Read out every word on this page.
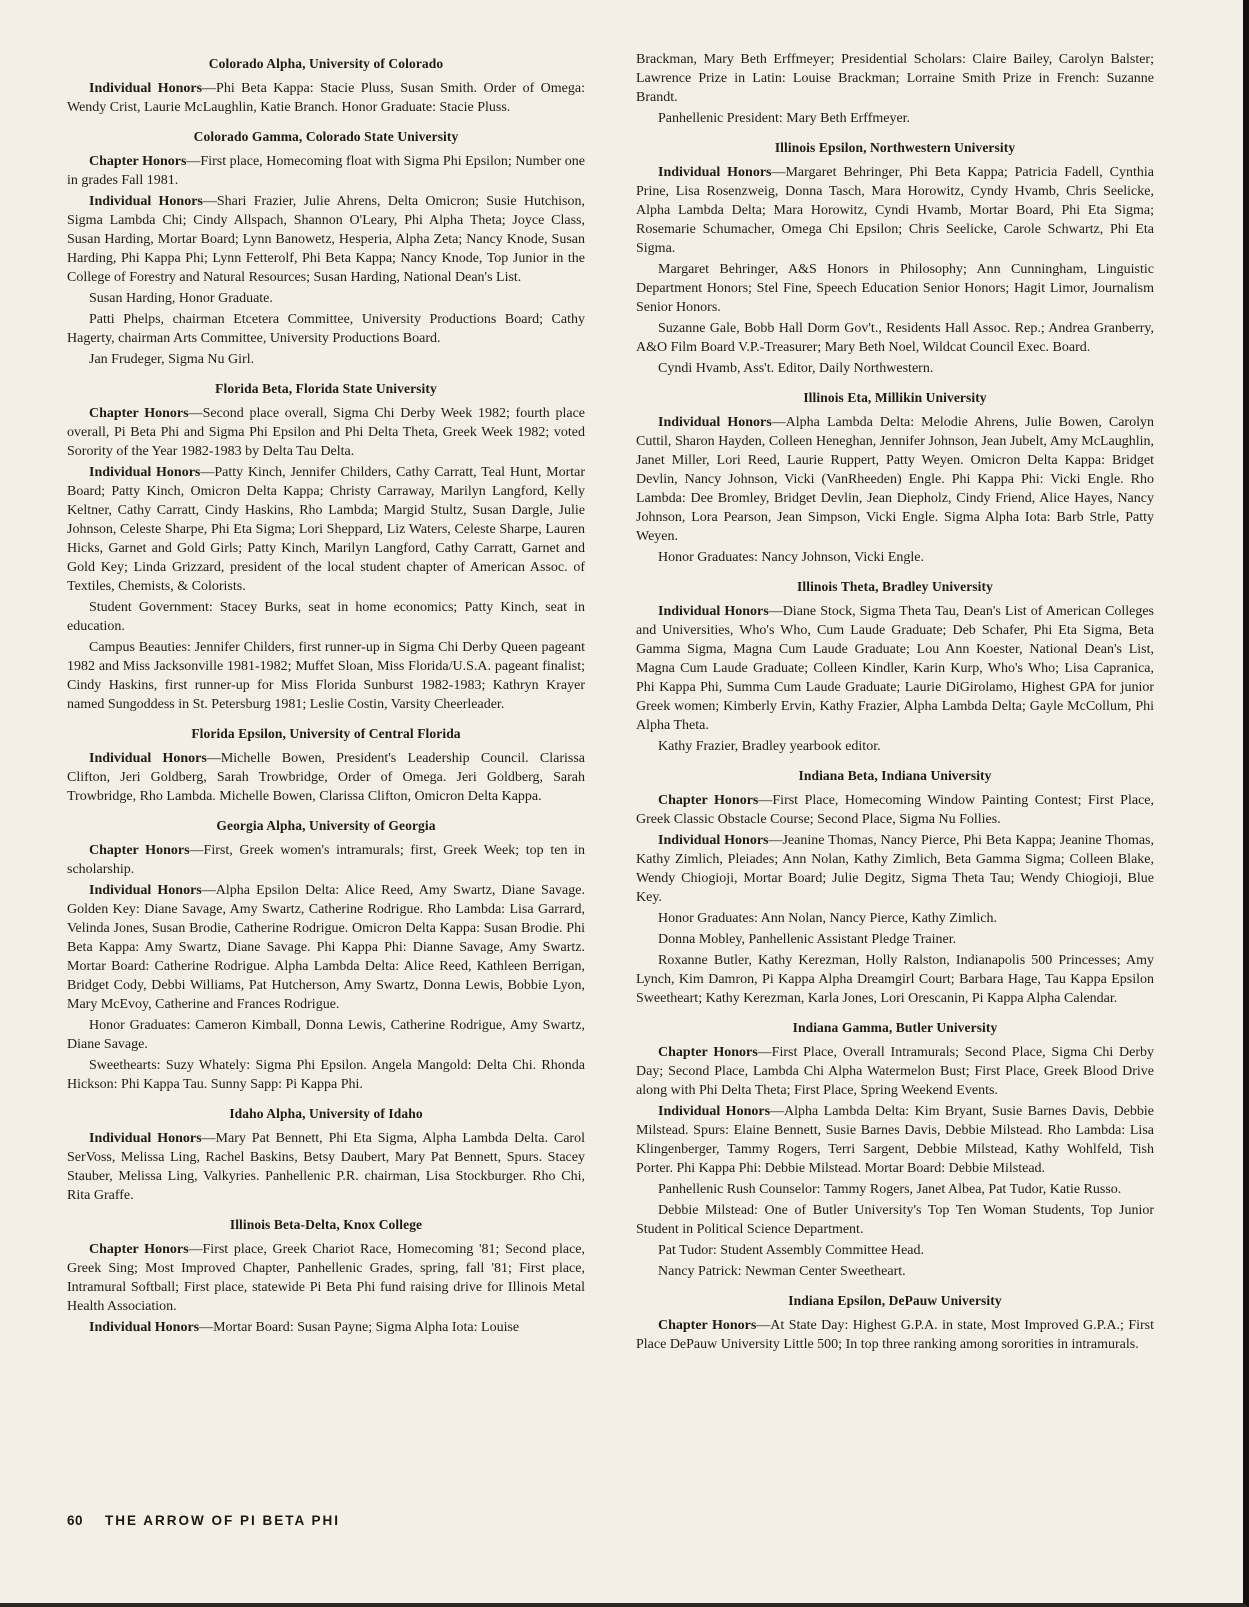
Colorado Alpha, University of Colorado

Individual Honors—Phi Beta Kappa: Stacie Pluss, Susan Smith. Order of Omega: Wendy Crist, Laurie McLaughlin, Katie Branch. Honor Graduate: Stacie Pluss.

Colorado Gamma, Colorado State University

Chapter Honors—First place, Homecoming float with Sigma Phi Epsilon; Number one in grades Fall 1981.

Individual Honors—Shari Frazier, Julie Ahrens, Delta Omicron; Susie Hutchison, Sigma Lambda Chi; Cindy Allspach, Shannon O'Leary, Phi Alpha Theta; Joyce Class, Susan Harding, Mortar Board; Lynn Banowetz, Hesperia, Alpha Zeta; Nancy Knode, Susan Harding, Phi Kappa Phi; Lynn Fetterolf, Phi Beta Kappa; Nancy Knode, Top Junior in the College of Forestry and Natural Resources; Susan Harding, National Dean's List.

Susan Harding, Honor Graduate.

Patti Phelps, chairman Etcetera Committee, University Productions Board; Cathy Hagerty, chairman Arts Committee, University Productions Board.

Jan Frudeger, Sigma Nu Girl.

Florida Beta, Florida State University

Chapter Honors—Second place overall, Sigma Chi Derby Week 1982; fourth place overall, Pi Beta Phi and Sigma Phi Epsilon and Phi Delta Theta, Greek Week 1982; voted Sorority of the Year 1982-1983 by Delta Tau Delta.

Individual Honors—Patty Kinch, Jennifer Childers, Cathy Carratt, Teal Hunt, Mortar Board; Patty Kinch, Omicron Delta Kappa; Christy Carraway, Marilyn Langford, Kelly Keltner, Cathy Carratt, Cindy Haskins, Rho Lambda; Margid Stultz, Susan Dargle, Julie Johnson, Celeste Sharpe, Phi Eta Sigma; Lori Sheppard, Liz Waters, Celeste Sharpe, Lauren Hicks, Garnet and Gold Girls; Patty Kinch, Marilyn Langford, Cathy Carratt, Garnet and Gold Key; Linda Grizzard, president of the local student chapter of American Assoc. of Textiles, Chemists, & Colorists.

Student Government: Stacey Burks, seat in home economics; Patty Kinch, seat in education.

Campus Beauties: Jennifer Childers, first runner-up in Sigma Chi Derby Queen pageant 1982 and Miss Jacksonville 1981-1982; Muffet Sloan, Miss Florida/U.S.A. pageant finalist; Cindy Haskins, first runner-up for Miss Florida Sunburst 1982-1983; Kathryn Krayer named Sungoddess in St. Petersburg 1981; Leslie Costin, Varsity Cheerleader.

Florida Epsilon, University of Central Florida

Individual Honors—Michelle Bowen, President's Leadership Council. Clarissa Clifton, Jeri Goldberg, Sarah Trowbridge, Order of Omega. Jeri Goldberg, Sarah Trowbridge, Rho Lambda. Michelle Bowen, Clarissa Clifton, Omicron Delta Kappa.

Georgia Alpha, University of Georgia

Chapter Honors—First, Greek women's intramurals; first, Greek Week; top ten in scholarship.

Individual Honors—Alpha Epsilon Delta: Alice Reed, Amy Swartz, Diane Savage. Golden Key: Diane Savage, Amy Swartz, Catherine Rodrigue. Rho Lambda: Lisa Garrard, Velinda Jones, Susan Brodie, Catherine Rodrigue. Omicron Delta Kappa: Susan Brodie. Phi Beta Kappa: Amy Swartz, Diane Savage. Phi Kappa Phi: Dianne Savage, Amy Swartz. Mortar Board: Catherine Rodrigue. Alpha Lambda Delta: Alice Reed, Kathleen Berrigan, Bridget Cody, Debbi Williams, Pat Hutcherson, Amy Swartz, Donna Lewis, Bobbie Lyon, Mary McEvoy, Catherine and Frances Rodrigue.

Honor Graduates: Cameron Kimball, Donna Lewis, Catherine Rodrigue, Amy Swartz, Diane Savage.

Sweethearts: Suzy Whately: Sigma Phi Epsilon. Angela Mangold: Delta Chi. Rhonda Hickson: Phi Kappa Tau. Sunny Sapp: Pi Kappa Phi.

Idaho Alpha, University of Idaho

Individual Honors—Mary Pat Bennett, Phi Eta Sigma, Alpha Lambda Delta. Carol SerVoss, Melissa Ling, Rachel Baskins, Betsy Daubert, Mary Pat Bennett, Spurs. Stacey Stauber, Melissa Ling, Valkyries. Panhellenic P.R. chairman, Lisa Stockburger. Rho Chi, Rita Graffe.

Illinois Beta-Delta, Knox College

Chapter Honors—First place, Greek Chariot Race, Homecoming '81; Second place, Greek Sing; Most Improved Chapter, Panhellenic Grades, spring, fall '81; First place, Intramural Softball; First place, statewide Pi Beta Phi fund raising drive for Illinois Metal Health Association.

Individual Honors—Mortar Board: Susan Payne; Sigma Alpha Iota: Louise

Brackman, Mary Beth Erffmeyer; Presidential Scholars: Claire Bailey, Carolyn Balster; Lawrence Prize in Latin: Louise Brackman; Lorraine Smith Prize in French: Suzanne Brandt.

Panhellenic President: Mary Beth Erffmeyer.

Illinois Epsilon, Northwestern University

Individual Honors—Margaret Behringer, Phi Beta Kappa; Patricia Fadell, Cynthia Prine, Lisa Rosenzweig, Donna Tasch, Mara Horowitz, Cyndy Hvamb, Chris Seelicke, Alpha Lambda Delta; Mara Horowitz, Cyndi Hvamb, Mortar Board, Phi Eta Sigma; Rosemarie Schumacher, Omega Chi Epsilon; Chris Seelicke, Carole Schwartz, Phi Eta Sigma.

Margaret Behringer, A&S Honors in Philosophy; Ann Cunningham, Linguistic Department Honors; Stel Fine, Speech Education Senior Honors; Hagit Limor, Journalism Senior Honors.

Suzanne Gale, Bobb Hall Dorm Gov't., Residents Hall Assoc. Rep.; Andrea Granberry, A&O Film Board V.P.-Treasurer; Mary Beth Noel, Wildcat Council Exec. Board.

Cyndi Hvamb, Ass't. Editor, Daily Northwestern.

Illinois Eta, Millikin University

Individual Honors—Alpha Lambda Delta: Melodie Ahrens, Julie Bowen, Carolyn Cuttil, Sharon Hayden, Colleen Heneghan, Jennifer Johnson, Jean Jubelt, Amy McLaughlin, Janet Miller, Lori Reed, Laurie Ruppert, Patty Weyen. Omicron Delta Kappa: Bridget Devlin, Nancy Johnson, Vicki (VanRheeden) Engle. Phi Kappa Phi: Vicki Engle. Rho Lambda: Dee Bromley, Bridget Devlin, Jean Diepholz, Cindy Friend, Alice Hayes, Nancy Johnson, Lora Pearson, Jean Simpson, Vicki Engle. Sigma Alpha Iota: Barb Strle, Patty Weyen.

Honor Graduates: Nancy Johnson, Vicki Engle.

Illinois Theta, Bradley University

Individual Honors—Diane Stock, Sigma Theta Tau, Dean's List of American Colleges and Universities, Who's Who, Cum Laude Graduate; Deb Schafer, Phi Eta Sigma, Beta Gamma Sigma, Magna Cum Laude Graduate; Lou Ann Koester, National Dean's List, Magna Cum Laude Graduate; Colleen Kindler, Karin Kurp, Who's Who; Lisa Capranica, Phi Kappa Phi, Summa Cum Laude Graduate; Laurie DiGirolamo, Highest GPA for junior Greek women; Kimberly Ervin, Kathy Frazier, Alpha Lambda Delta; Gayle McCollum, Phi Alpha Theta.

Kathy Frazier, Bradley yearbook editor.

Indiana Beta, Indiana University

Chapter Honors—First Place, Homecoming Window Painting Contest; First Place, Greek Classic Obstacle Course; Second Place, Sigma Nu Follies.

Individual Honors—Jeanine Thomas, Nancy Pierce, Phi Beta Kappa; Jeanine Thomas, Kathy Zimlich, Pleiades; Ann Nolan, Kathy Zimlich, Beta Gamma Sigma; Colleen Blake, Wendy Chiogioji, Mortar Board; Julie Degitz, Sigma Theta Tau; Wendy Chiogioji, Blue Key.

Honor Graduates: Ann Nolan, Nancy Pierce, Kathy Zimlich.

Donna Mobley, Panhellenic Assistant Pledge Trainer.

Roxanne Butler, Kathy Kerezman, Holly Ralston, Indianapolis 500 Princesses; Amy Lynch, Kim Damron, Pi Kappa Alpha Dreamgirl Court; Barbara Hage, Tau Kappa Epsilon Sweetheart; Kathy Kerezman, Karla Jones, Lori Orescanin, Pi Kappa Alpha Calendar.

Indiana Gamma, Butler University

Chapter Honors—First Place, Overall Intramurals; Second Place, Sigma Chi Derby Day; Second Place, Lambda Chi Alpha Watermelon Bust; First Place, Greek Blood Drive along with Phi Delta Theta; First Place, Spring Weekend Events.

Individual Honors—Alpha Lambda Delta: Kim Bryant, Susie Barnes Davis, Debbie Milstead. Spurs: Elaine Bennett, Susie Barnes Davis, Debbie Milstead. Rho Lambda: Lisa Klingenberger, Tammy Rogers, Terri Sargent, Debbie Milstead, Kathy Wohlfeld, Tish Porter. Phi Kappa Phi: Debbie Milstead. Mortar Board: Debbie Milstead.

Panhellenic Rush Counselor: Tammy Rogers, Janet Albea, Pat Tudor, Katie Russo.

Debbie Milstead: One of Butler University's Top Ten Woman Students, Top Junior Student in Political Science Department.

Pat Tudor: Student Assembly Committee Head.

Nancy Patrick: Newman Center Sweetheart.

Indiana Epsilon, DePauw University

Chapter Honors—At State Day: Highest G.P.A. in state, Most Improved G.P.A.; First Place DePauw University Little 500; In top three ranking among sororities in intramurals.

60 THE ARROW OF PI BETA PHI
